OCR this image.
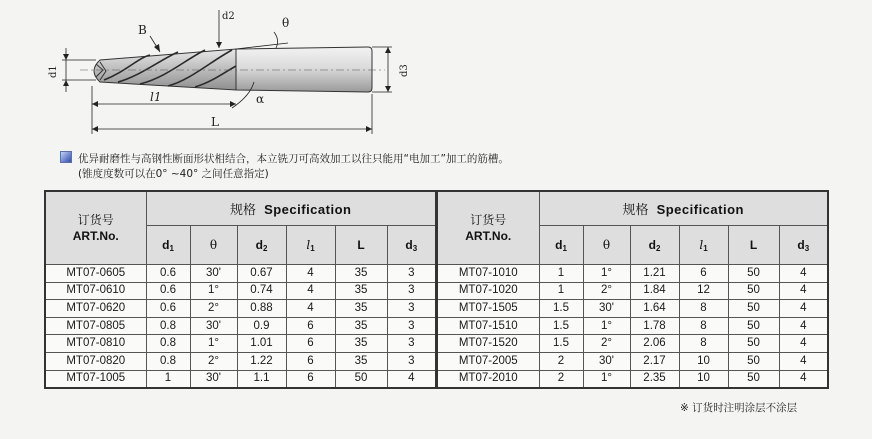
B
d2	θ
d1
l1	α
L
d3
优异耐磨性与高钢性断面形状相结合，本立铣刀可高效加工以往只能用“电加工”加工的筋槽。
(锥度度数可以在0° ~40° 之间任意指定)
订货号
ART.No.	规格 Specification					
	d1	θ	d2	l1	L	d3
MT07-0605	0.6	30'	0.67	4	35	3
MT07-0610	0.6	1°	0.74	4	35	3
MT07-0620	0.6	2°	0.88	4	35	3
MT07-0805	0.8	30'	0.9	6	35	3
MT07-0810	0.8	1°	1.01	6	35	3
MT07-0820	0.8	2°	1.22	6	35	3
MT07-1005	1	30'	1.1	6	50	4
订货号
ART.No.	规格 Specification					
	d1	θ	d2	l1	L	d3
MT07-1010	1	1°	1.21	6	50	4
MT07-1020	1	2°	1.84	12	50	4
MT07-1505	1.5	30'	1.64	8	50	4
MT07-1510	1.5	1°	1.78	8	50	4
MT07-1520	1.5	2°	2.06	8	50	4
MT07-2005	2	30'	2.17	10	50	4
MT07-2010	2	1°	2.35	10	50	4
※ 订货时注明涂层不涂层
